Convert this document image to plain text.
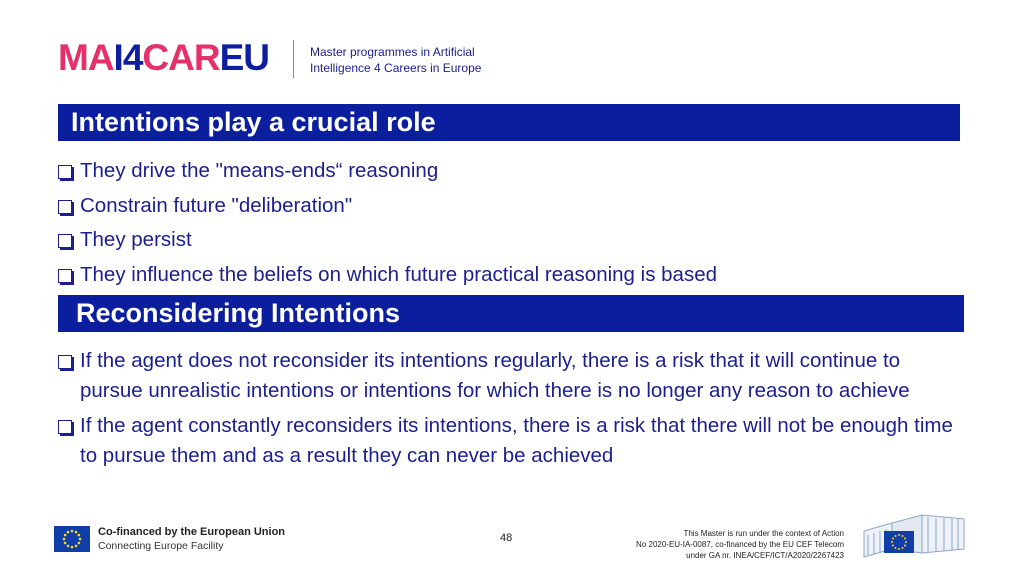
MA I4 CAR EU	Master programmes in Artificial
Intelligence 4 Careers in Europe
Intentions play a crucial role
They drive the "means-ends“ reasoning
Constrain future "deliberation"
They persist
They influence the beliefs on which future practical reasoning is based
Reconsidering Intentions
If the agent does not reconsider its intentions regularly, there is a risk that it will continue to pursue unrealistic intentions or intentions for which there is no longer any reason to achieve
If the agent constantly reconsiders its intentions, there is a risk that there will not be enough time to pursue them and as a result they can never be achieved
Co-financed by the European Union
Connecting Europe Facility
48	This Master is run under the context of Action
No 2020-EU-IA-0087, co-financed by the EU CEF Telecom
under GA nr. INEA/CEF/ICT/A2020/2267423
